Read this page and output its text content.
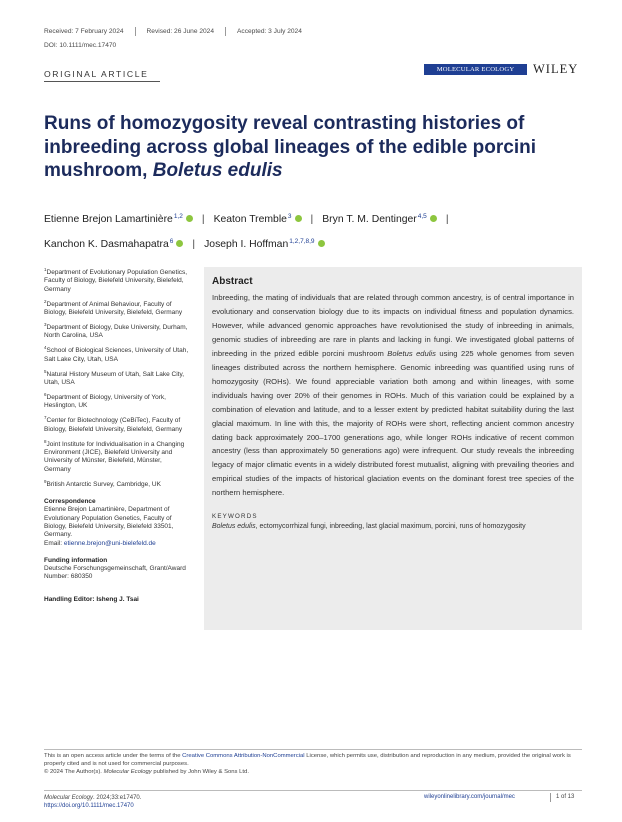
Received: 7 February 2024	Revised: 26 June 2024	Accepted: 3 July 2024
DOI: 10.1111/mec.17470
ORIGINAL ARTICLE	MOLECULAR ECOLOGY	WILEY
Runs of homozygosity reveal contrasting histories of inbreeding across global lineages of the edible porcini mushroom, Boletus edulis
Etienne Brejon Lamartinière$^{1,2}$ | Keaton Tremble$^3$ | Bryn T. M. Dentinger$^{4,5}$ |
Kanchon K. Dasmahapatra$^6$ | Joseph I. Hoffman$^{1,2,7,8,9}$
$^1$Department of Evolutionary Population Genetics, Faculty of Biology, Bielefeld University, Bielefeld, Germany
$^2$Department of Animal Behaviour, Faculty of Biology, Bielefeld University, Bielefeld, Germany
$^3$Department of Biology, Duke University, Durham, North Carolina, USA
$^4$School of Biological Sciences, University of Utah, Salt Lake City, Utah, USA
$^5$Natural History Museum of Utah, Salt Lake City, Utah, USA
$^6$Department of Biology, University of York, Heslington, UK
$^7$Center for Biotechnology (CeBiTec), Faculty of Biology, Bielefeld University, Bielefeld, Germany
$^8$Joint Institute for Individualisation in a Changing Environment (JICE), Bielefeld University and University of Münster, Bielefeld, Münster, Germany
$^9$British Antarctic Survey, Cambridge, UK
Correspondence
Etienne Brejon Lamartinière, Department of Evolutionary Population Genetics, Faculty of Biology, Bielefeld University, Bielefeld 33501, Germany.
Email: etienne.brejon@uni-bielefeld.de
Funding information
Deutsche Forschungsgemeinschaft, Grant/Award Number: 680350
Handling Editor: Isheng J. Tsai
Abstract

Inbreeding, the mating of individuals that are related through common ancestry, is of central importance in evolutionary and conservation biology due to its impacts on individual fitness and population dynamics. However, while advanced genomic approaches have revolutionised the study of inbreeding in animals, genomic studies of inbreeding are rare in plants and lacking in fungi. We investigated global patterns of inbreeding in the prized edible porcini mushroom Boletus edulis using 225 whole genomes from seven lineages distributed across the northern hemisphere. Genomic inbreeding was quantified using runs of homozygosity (ROHs). We found appreciable variation both among and within lineages, with some individuals having over 20% of their genomes in ROHs. Much of this variation could be explained by a combination of elevation and latitude, and to a lesser extent by predicted habitat suitability during the last glacial maximum. In line with this, the majority of ROHs were short, reflecting ancient common ancestry dating back approximately 200–1700 generations ago, while longer ROHs indicative of recent common ancestry (less than approximately 50 generations ago) were infrequent. Our study reveals the inbreeding legacy of major climatic events in a widely distributed forest mutualist, aligning with prevailing theories and empirical studies of the impacts of historical glaciation events on the dominant forest tree species of the northern hemisphere.

KEYWORDS

Boletus edulis, ectomycorrhizal fungi, inbreeding, last glacial maximum, porcini, runs of homozygosity

This is an open access article under the terms of the Creative Commons Attribution-NonCommercial License, which permits use, distribution and reproduction in any medium, provided the original work is properly cited and is not used for commercial purposes.
© 2024 The Author(s). Molecular Ecology published by John Wiley & Sons Ltd.
Molecular Ecology. 2024;33:e17470.
https://doi.org/10.1111/mec.17470
wileyonlinelibrary.com/journal/mec	1 of 13
